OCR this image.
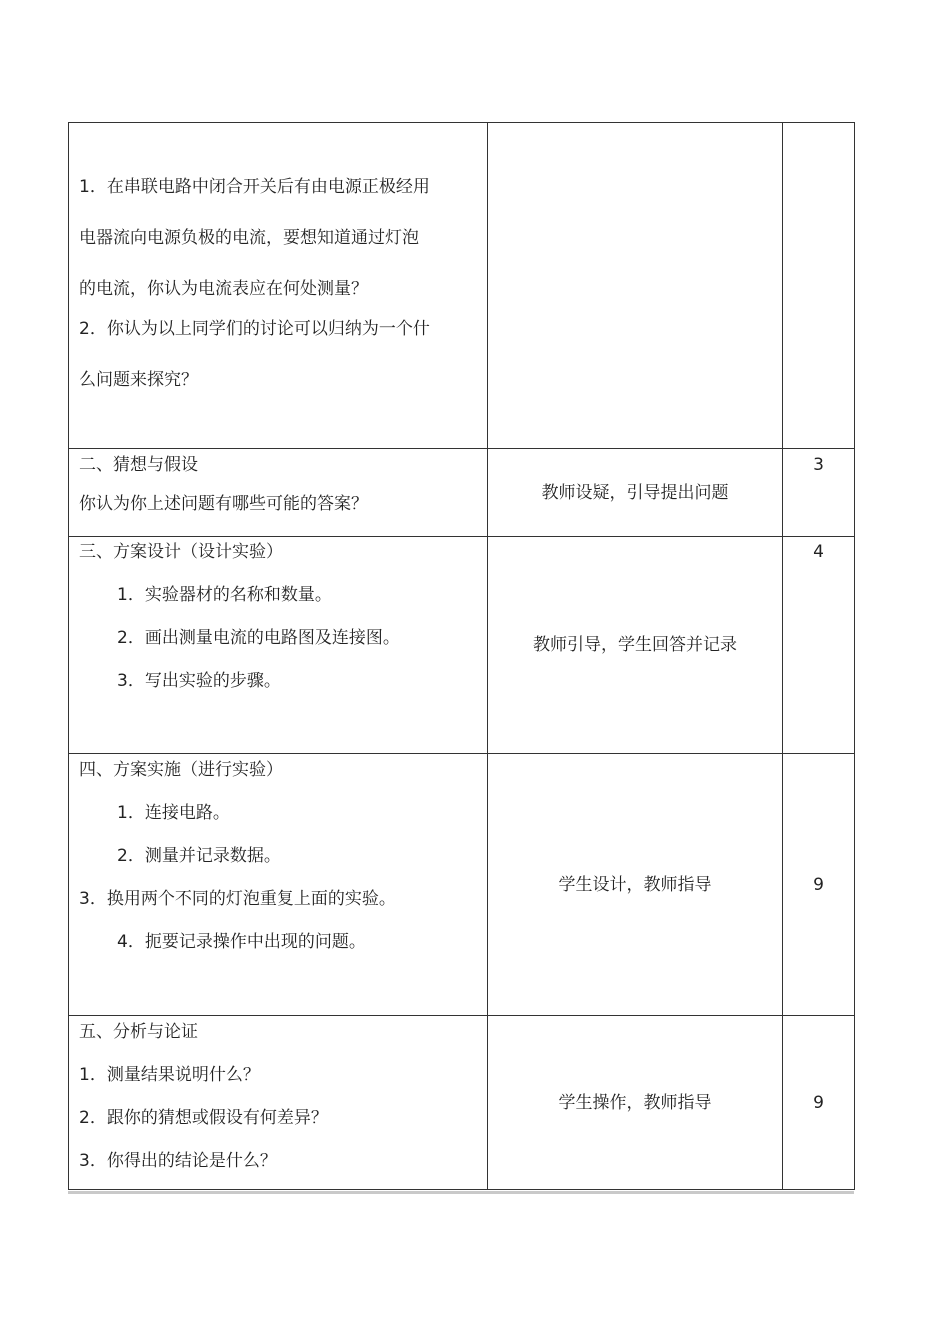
1．在串联电路中闭合开关后有由电源正极经用
电器流向电源负极的电流，要想知道通过灯泡
的电流，你认为电流表应在何处测量？
2．你认为以上同学们的讨论可以归纳为一个什
么问题来探究？		

二、猜想与假设
你认为你上述问题有哪些可能的答案？	教师设疑，引导提出问题	3

三、方案设计（设计实验）
1．实验器材的名称和数量。
2．画出测量电流的电路图及连接图。
3．写出实验的步骤。	教师引导，学生回答并记录	4

四、方案实施（进行实验）
1．连接电路。
2．测量并记录数据。
3．换用两个不同的灯泡重复上面的实验。
4．扼要记录操作中出现的问题。	学生设计，教师指导	9

五、分析与论证
1．测量结果说明什么？
2．跟你的猜想或假设有何差异？
3．你得出的结论是什么？	学生操作，教师指导	9
